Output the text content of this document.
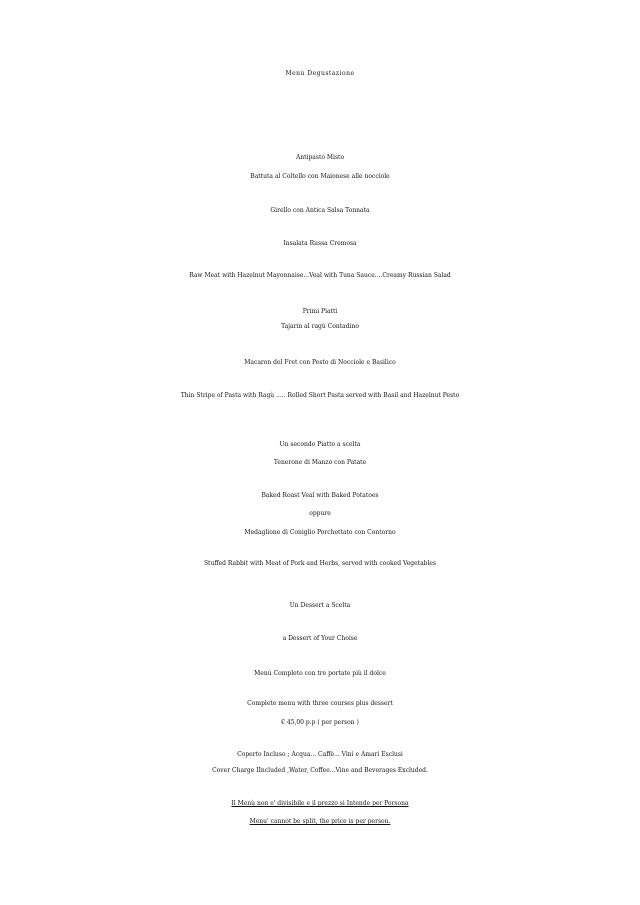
Menù Degustazione
Antipasto Misto
Battuta al Coltello con Maionese alle nocciole
Girello con Antica Salsa Tonnata
Insalata Russa Cremosa
Raw Meat with Hazelnut Mayonnaise...Veal with Tuna Sauce....Creamy Russian Salad
Primi Piatti
Tajarin al ragù Contadino
Macaron del Fret con Pesto di Nocciole e Basilico
Thin Stripe of Pasta with Ragù ..... Rolled Short Pasta served with Basil and Hazelnut Pesto
Un secondo Piatto a scelta
Tenerone di Manzo con Patate
Baked Roast Veal with Baked Potatoes
oppure
Medaglione di Coniglio Porchettato con Contorno
Stuffed Rabbit with Meat of Pork and Herbs, served with cooked Vegetables
Un Dessert a Scelta
a Dessert of Your Choise
Menù Completo con tre portate più il dolce
Complete menu with three courses plus dessert
€ 45,00 p.p ( per person )
Coperto Incluso ; Acqua... Caffè... Vini e Amari Esclusi
Cover Charge IIncluded ,Water, Coffee...Vine and Beverages Excluded.
Il Menù non e' divisibile e il prezzo si Intende per Persona
Menu' cannot be split, the price is per person.
